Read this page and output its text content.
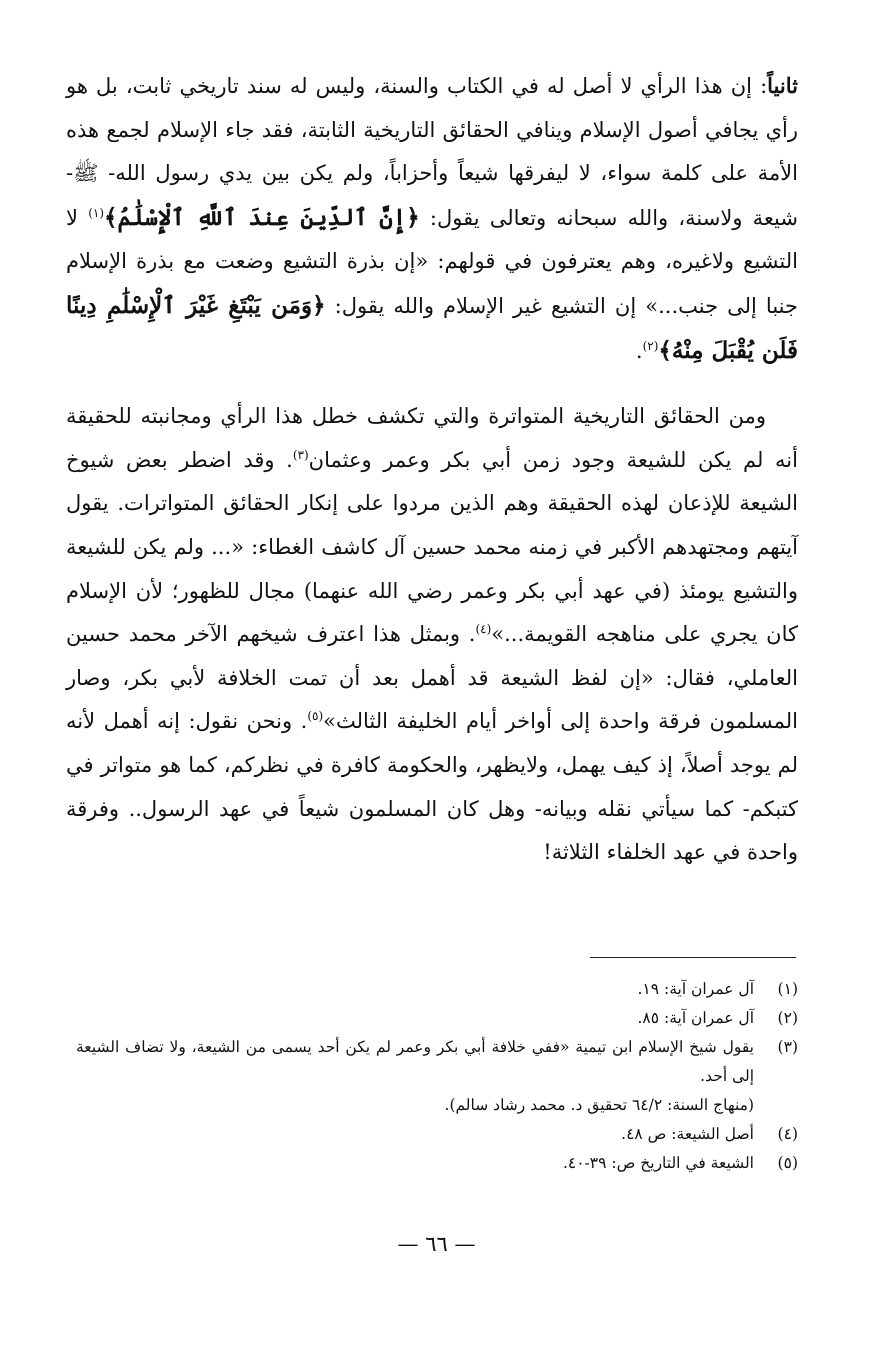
ثانياً: إن هذا الرأي لا أصل له في الكتاب والسنة، وليس له سند تاريخي ثابت، بل هو رأي يجافي أصول الإسلام وينافي الحقائق التاريخية الثابتة، فقد جاء الإسلام لجمع هذه الأمة على كلمة سواء، لا ليفرقها شيعاً وأحزاباً، ولم يكن بين يدي رسول الله- ﷺ- شيعة ولاسنة، والله سبحانه وتعالى يقول: ﴿إِنَّ ٱلدِّينَ عِندَ ٱللَّهِ ٱلْإِسْلَٰمُ﴾$^{(١)}$ لا التشيع ولاغيره، وهم يعترفون في قولهم: «إن بذرة التشيع وضعت مع بذرة الإسلام جنبا إلى جنب...» إن التشيع غير الإسلام والله يقول: ﴿وَمَن يَبْتَغِ غَيْرَ ٱلْإِسْلَٰمِ دِينًا فَلَن يُقْبَلَ مِنْهُ﴾$^{(٢)}$.

ومن الحقائق التاريخية المتواترة والتي تكشف خطل هذا الرأي ومجانبته للحقيقة أنه لم يكن للشيعة وجود زمن أبي بكر وعمر وعثمان$^{(٣)}$. وقد اضطر بعض شيوخ الشيعة للإذعان لهذه الحقيقة وهم الذين مردوا على إنكار الحقائق المتواترات. يقول آيتهم ومجتهدهم الأكبر في زمنه محمد حسين آل كاشف الغطاء: «... ولم يكن للشيعة والتشيع يومئذ (في عهد أبي بكر وعمر رضي الله عنهما) مجال للظهور؛ لأن الإسلام كان يجري على مناهجه القويمة...»$^{(٤)}$. وبمثل هذا اعترف شيخهم الآخر محمد حسين العاملي، فقال: «إن لفظ الشيعة قد أهمل بعد أن تمت الخلافة لأبي بكر، وصار المسلمون فرقة واحدة إلى أواخر أيام الخليفة الثالث»$^{(٥)}$. ونحن نقول: إنه أهمل لأنه لم يوجد أصلاً، إذ كيف يهمل، ولايظهر، والحكومة كافرة في نظركم، كما هو متواتر في كتبكم- كما سيأتي نقله وبيانه- وهل كان المسلمون شيعاً في عهد الرسول.. وفرقة واحدة في عهد الخلفاء الثلاثة!

(١)
آل عمران آية: ١٩.
(٢)
آل عمران آية: ٨٥.
(٣)
يقول شيخ الإسلام ابن تيمية «ففي خلافة أبي بكر وعمر لم يكن أحد يسمى من الشيعة، ولا تضاف الشيعة إلى أحد.
(منهاج السنة: ٦٤/٢ تحقيق د. محمد رشاد سالم).
(٤)
أصل الشيعة: ص ٤٨.
(٥)
الشيعة في التاريخ ص: ٣٩-٤٠.
— ٦٦ —
